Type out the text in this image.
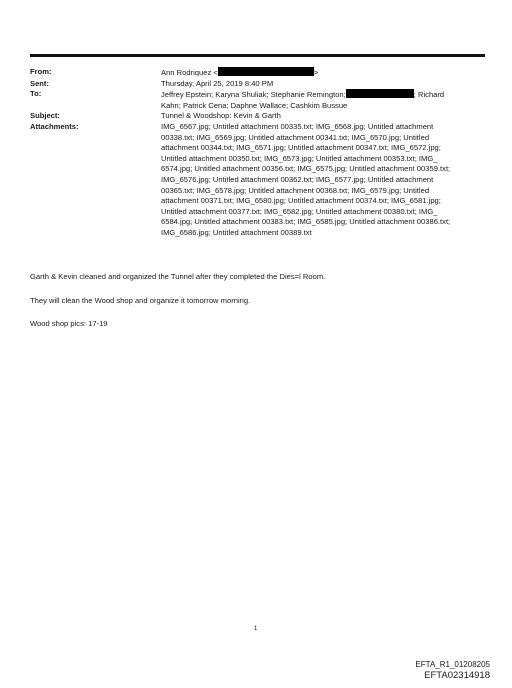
From:	Ann Rodriquez <	>
Sent:	Thursday, April 25, 2019 8:40 PM
To:	Jeffrey Epstein; Karyna Shuliak; Stephanie Remington;	; Richard
Kahn; Patrick Cena; Daphne Wallace; Cashkim Bussue
Subject:	Tunnel & Woodshop: Kevin & Garth
Attachments:	IMG_6567.jpg; Untitled attachment 00335.txt; IMG_6568.jpg; Untitled attachment
00338.txt; IMG_6569.jpg; Untitled attachment 00341.txt; IMG_6570.jpg; Untitled
attachment 00344.txt; IMG_6571.jpg; Untitled attachment 00347.txt; IMG_6572.jpg;
Untitled attachment 00350.txt; IMG_6573.jpg; Untitled attachment 00353.txt; IMG_
6574.jpg; Untitled attachment 00356.txt; IMG_6575.jpg; Untitled attachment 00359.txt;
IMG_6576.jpg; Untitled attachment 00362.txt; IMG_6577.jpg; Untitled attachment
00365.txt; IMG_6578.jpg; Untitled attachment 00368.txt; IMG_6579.jpg; Untitled
attachment 00371.txt; IMG_6580.jpg; Untitled attachment 00374.txt; IMG_6581.jpg;
Untitled attachment 00377.txt; IMG_6582.jpg; Untitled attachment 00380.txt; IMG_
6584.jpg; Untitled attachment 00383.txt; IMG_6585.jpg; Untitled attachment 00386.txt;
IMG_6586.jpg; Untitled attachment 00389.txt

Garth & Kevin cleaned and organized the Tunnel after they completed the Dies=l Room.

They will clean the Wood shop and organize it tomorrow morning.

Wood shop pics: 17-19

1
EFTA_R1_01208205
EFTA02314918
